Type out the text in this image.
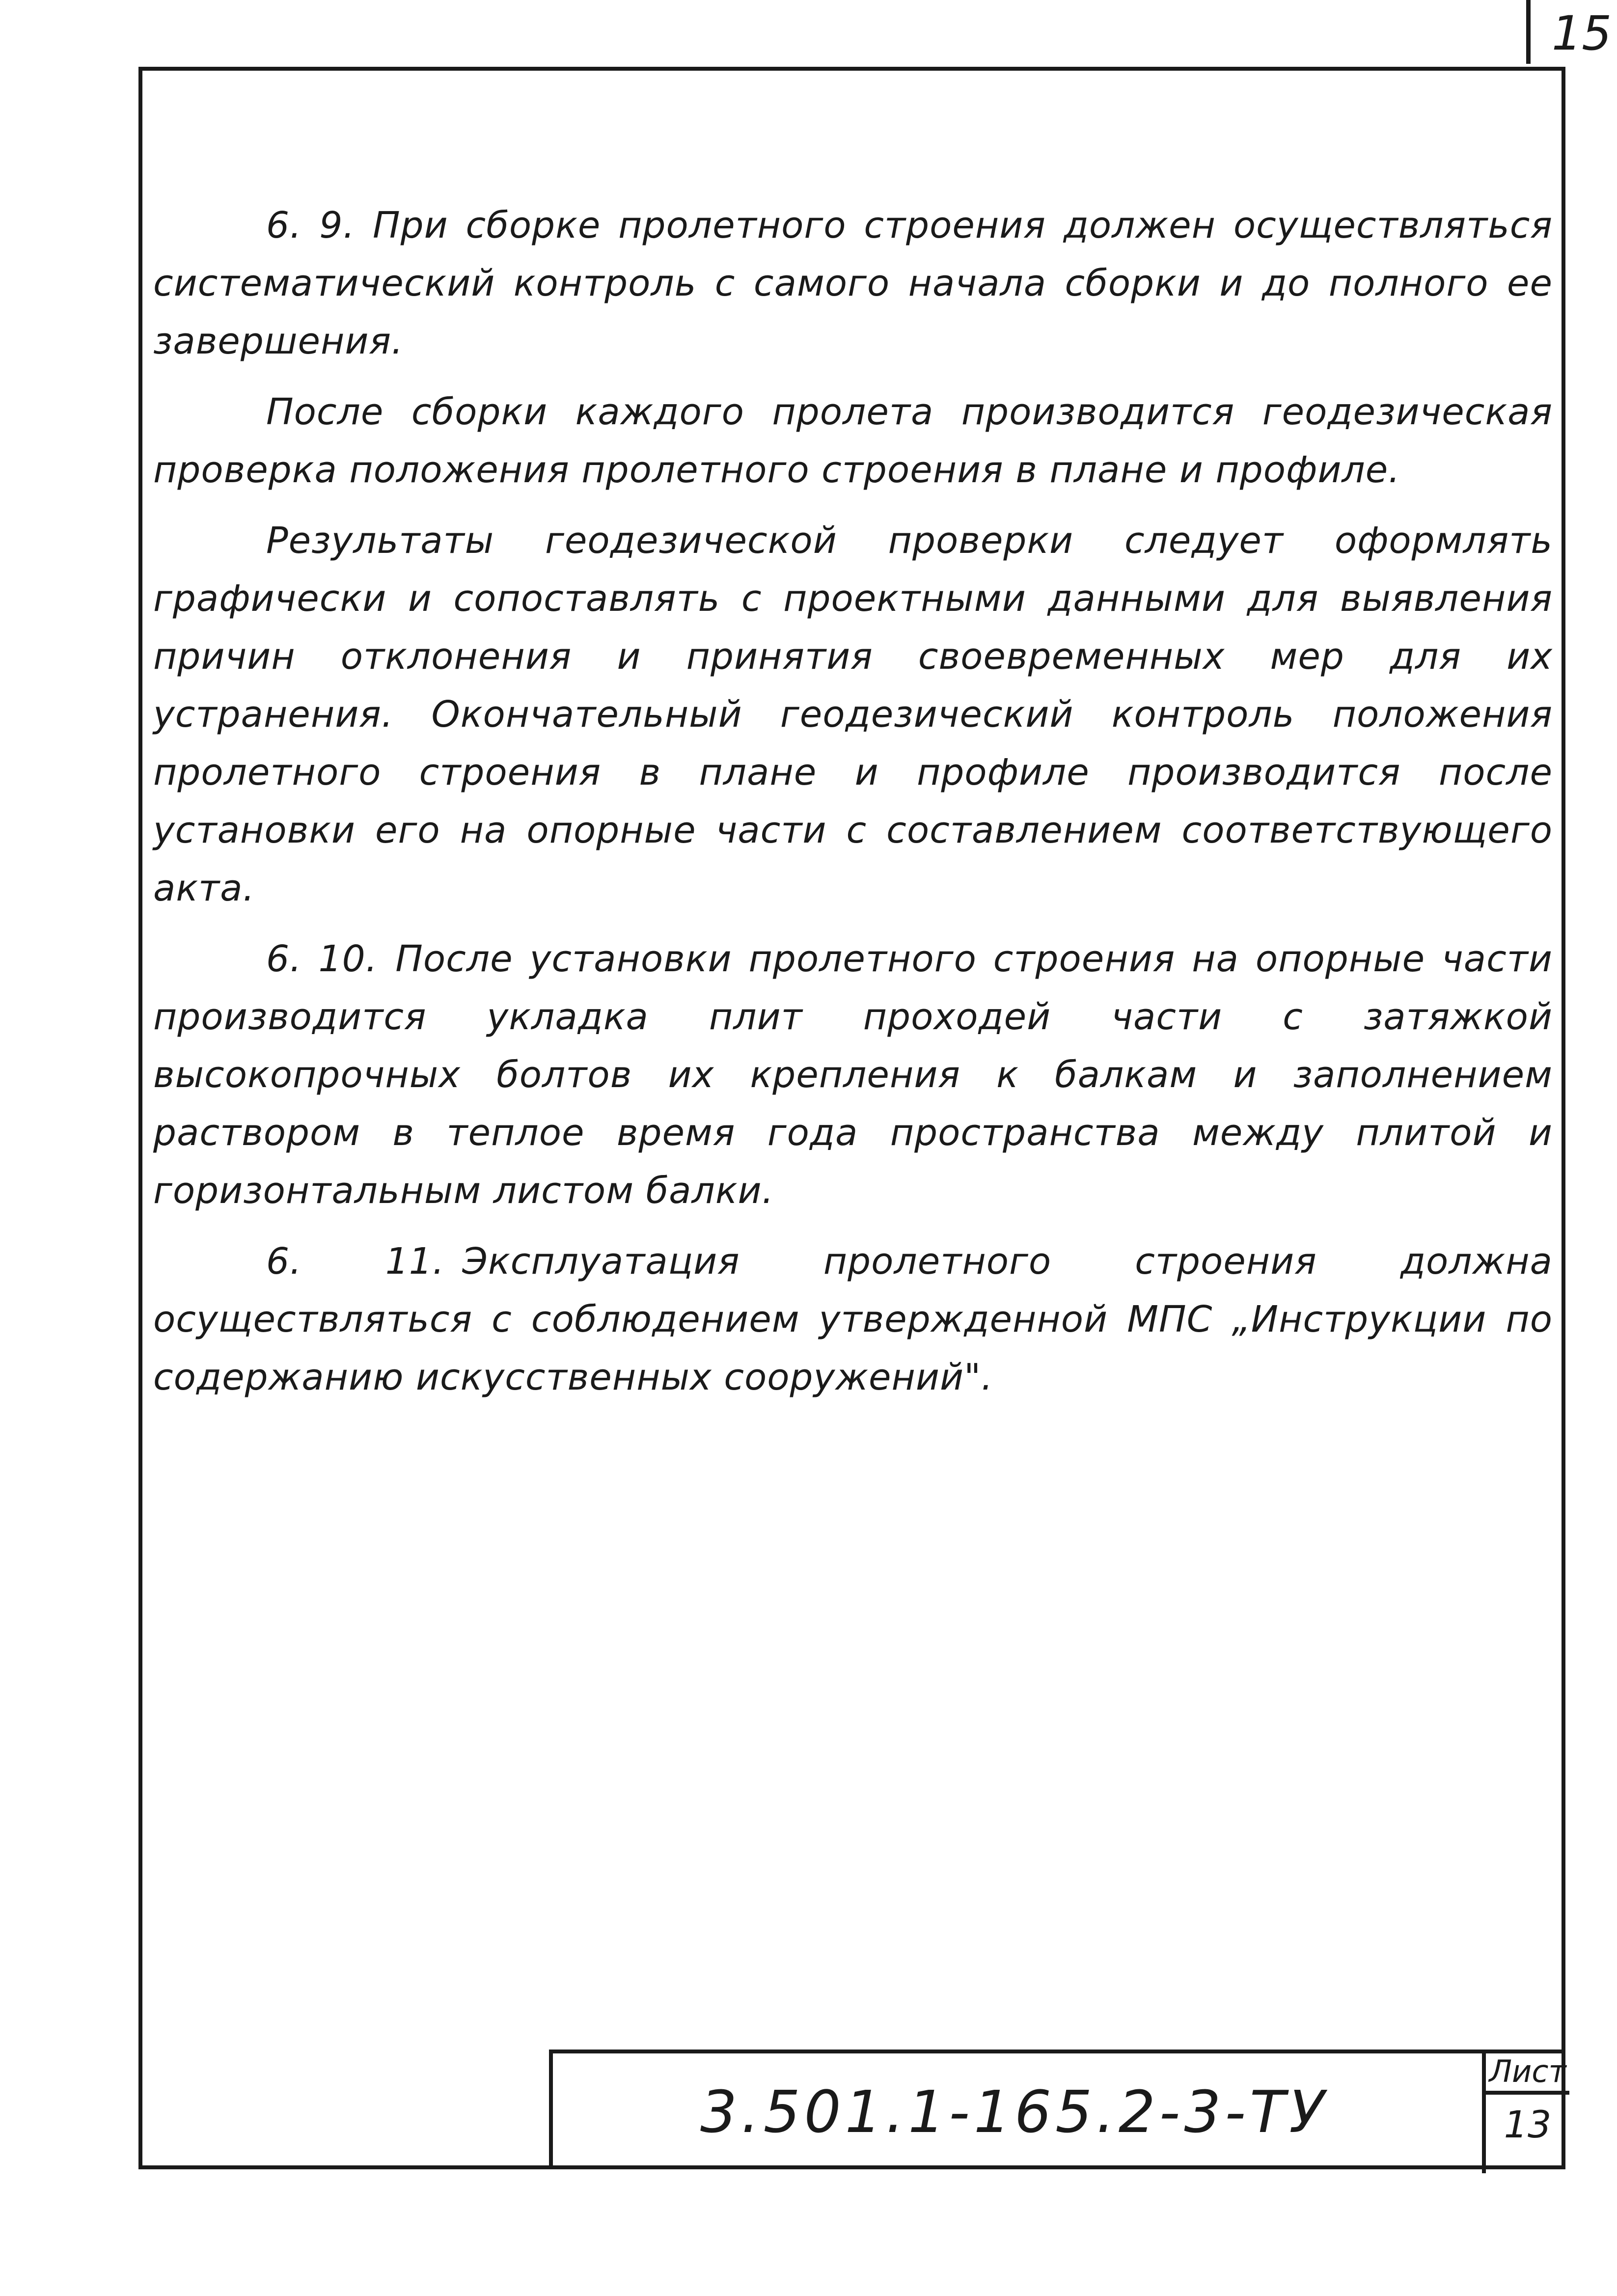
15

6. 9. При сборке пролетного строения должен осуществляться систематический контроль с самого начала сборки и до полного ее завершения.

После сборки каждого пролета производится геодезическая проверка положения пролетного строения в плане и профиле.

Результаты геодезической проверки следует оформлять графически и сопоставлять с проектными данными для выявления причин отклонения и принятия своевременных мер для их устранения. Окончательный геодезический контроль положения пролетного строения в плане и профиле производится после установки его на опорные части с составлением соответствующего акта.

6. 10. После установки пролетного строения на опорные части производится укладка плит проходей части с затяжкой высокопрочных болтов их крепления к балкам и заполнением раствором в теплое время года пространства между плитой и горизонтальным листом балки.

6. 11. Эксплуатация пролетного строения должна осуществляться с соблюдением утвержденной МПС „Инструкции по содержанию искусственных сооружений".

3.501.1-165.2-3-ТУ
Лист
13
